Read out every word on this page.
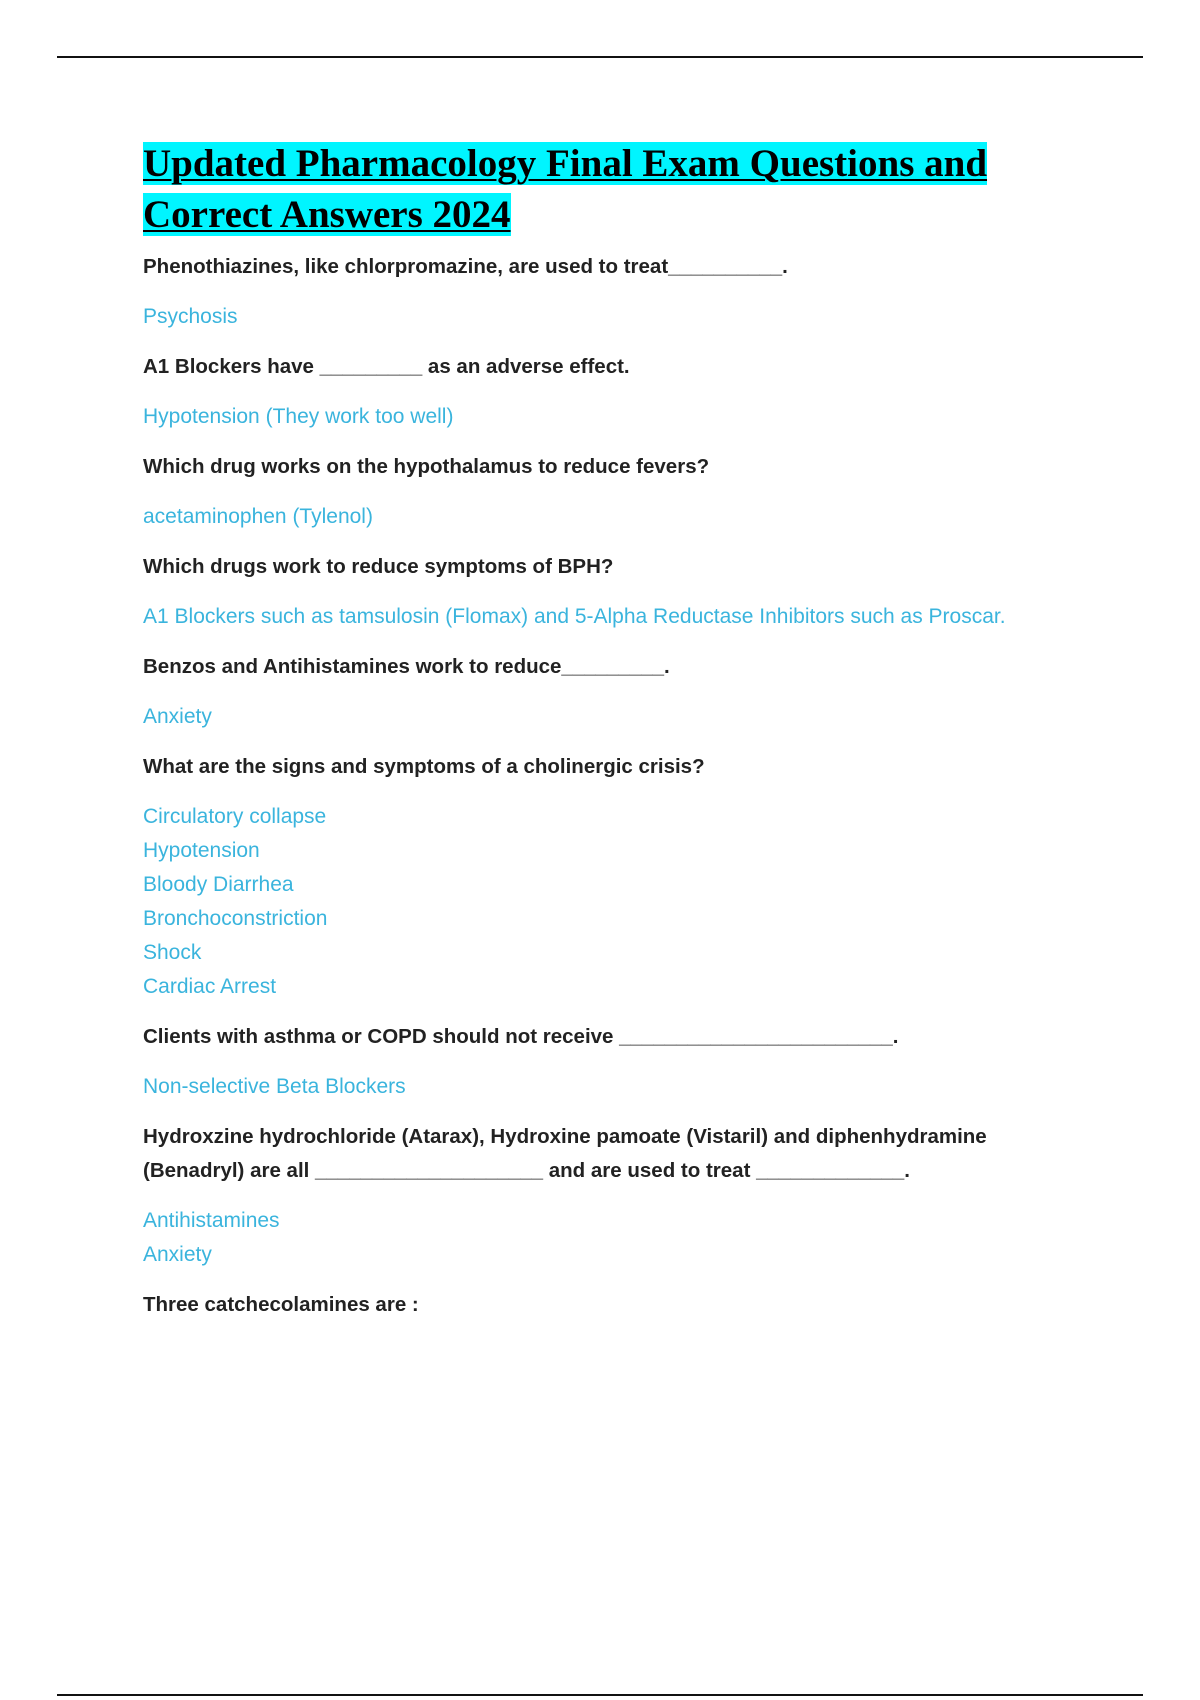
Updated Pharmacology Final Exam Questions and Correct Answers 2024

Phenothiazines, like chlorpromazine, are used to treat__________.

Psychosis

A1 Blockers have _________ as an adverse effect.

Hypotension (They work too well)

Which drug works on the hypothalamus to reduce fevers?

acetaminophen (Tylenol)

Which drugs work to reduce symptoms of BPH?

A1 Blockers such as tamsulosin (Flomax) and 5-Alpha Reductase Inhibitors such as Proscar.

Benzos and Antihistamines work to reduce_________.

Anxiety

What are the signs and symptoms of a cholinergic crisis?

Circulatory collapse
Hypotension
Bloody Diarrhea
Bronchoconstriction
Shock
Cardiac Arrest

Clients with asthma or COPD should not receive ________________________.

Non-selective Beta Blockers

Hydroxzine hydrochloride (Atarax), Hydroxine pamoate (Vistaril) and diphenhydramine (Benadryl) are all ____________________ and are used to treat _____________.

Antihistamines
Anxiety

Three catchecolamines are :
